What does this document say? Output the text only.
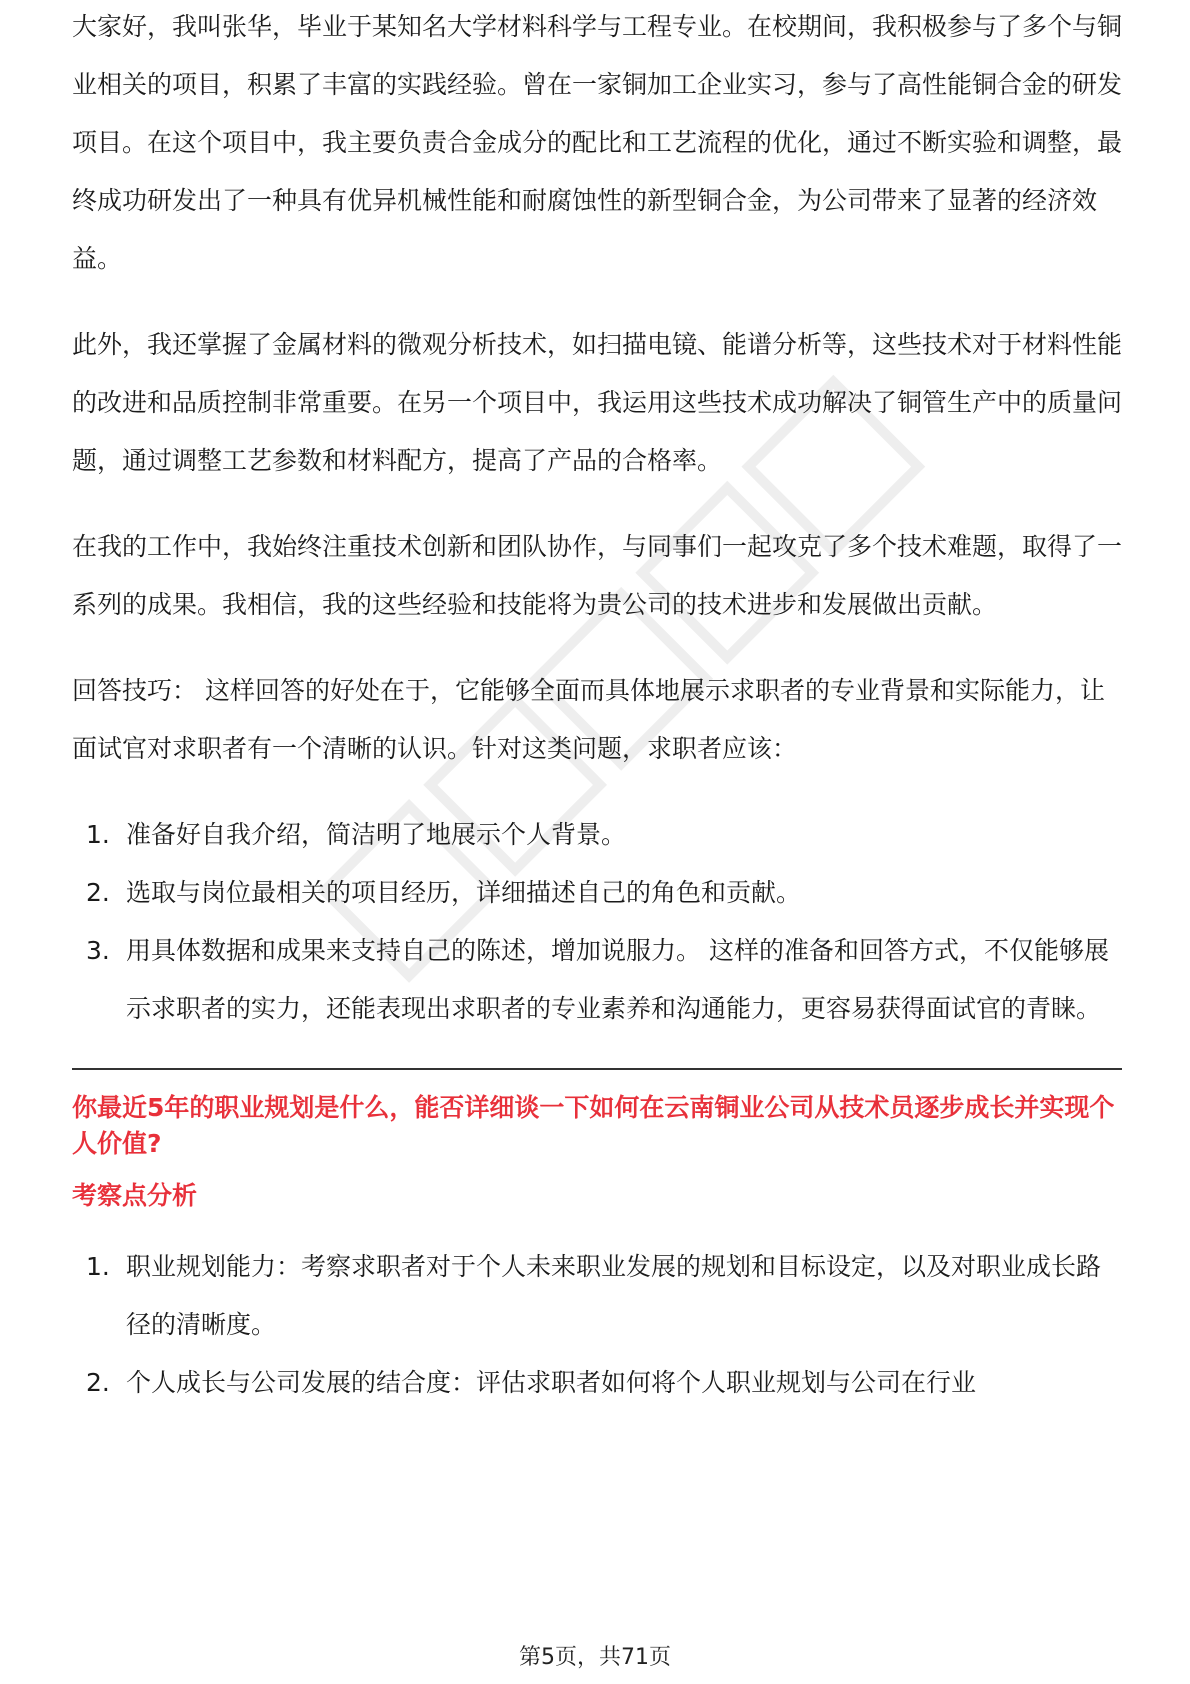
大家好，我叫张华，毕业于某知名大学材料科学与工程专业。在校期间，我积极参与了多个与铜业相关的项目，积累了丰富的实践经验。曾在一家铜加工企业实习，参与了高性能铜合金的研发项目。在这个项目中，我主要负责合金成分的配比和工艺流程的优化，通过不断实验和调整，最终成功研发出了一种具有优异机械性能和耐腐蚀性的新型铜合金，为公司带来了显著的经济效益。

此外，我还掌握了金属材料的微观分析技术，如扫描电镜、能谱分析等，这些技术对于材料性能的改进和品质控制非常重要。在另一个项目中，我运用这些技术成功解决了铜管生产中的质量问题，通过调整工艺参数和材料配方，提高了产品的合格率。

在我的工作中，我始终注重技术创新和团队协作，与同事们一起攻克了多个技术难题，取得了一系列的成果。我相信，我的这些经验和技能将为贵公司的技术进步和发展做出贡献。

回答技巧： 这样回答的好处在于，它能够全面而具体地展示求职者的专业背景和实际能力，让面试官对求职者有一个清晰的认识。针对这类问题，求职者应该：

1. 准备好自我介绍，简洁明了地展示个人背景。
2. 选取与岗位最相关的项目经历，详细描述自己的角色和贡献。
3. 用具体数据和成果来支持自己的陈述，增加说服力。 这样的准备和回答方式，不仅能够展示求职者的实力，还能表现出求职者的专业素养和沟通能力，更容易获得面试官的青睐。
你最近5年的职业规划是什么，能否详细谈一下如何在云南铜业公司从技术员逐步成长并实现个人价值?
考察点分析
1. 职业规划能力：考察求职者对于个人未来职业发展的规划和目标设定，以及对职业成长路径的清晰度。
2. 个人成长与公司发展的结合度：评估求职者如何将个人职业规划与公司在行业
第5页，共71页
